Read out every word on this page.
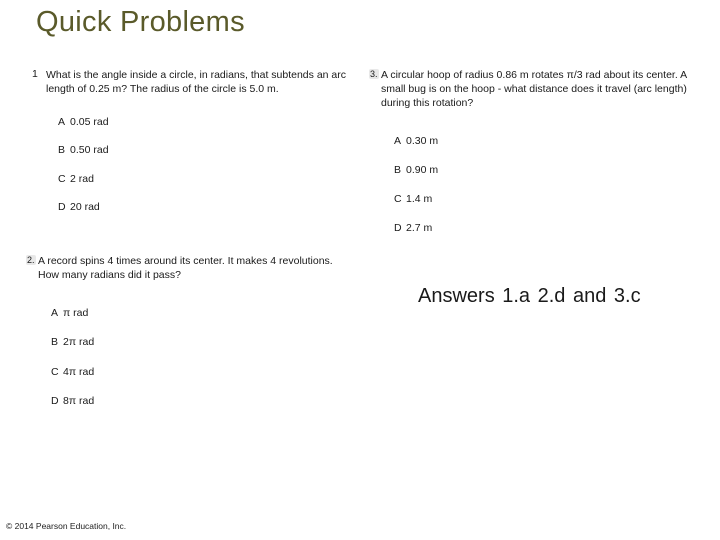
Quick Problems
1 What is the angle inside a circle, in radians, that subtends an arc
length of 0.25 m? The radius of the circle is 5.0 m.
A 0.05 rad
B 0.50 rad
C 2 rad
D 20 rad
3. A circular hoop of radius 0.86 m rotates π/3 rad about its center. A
small bug is on the hoop - what distance does it travel (arc length)
during this rotation?
A 0.30 m
B 0.90 m
C 1.4 m
D 2.7 m
2. A record spins 4 times around its center. It makes 4 revolutions.
How many radians did it pass?
A π rad
B 2π rad
C 4π rad
D 8π rad
Answers 1.a 2.d and 3.c
© 2014 Pearson Education, Inc.
